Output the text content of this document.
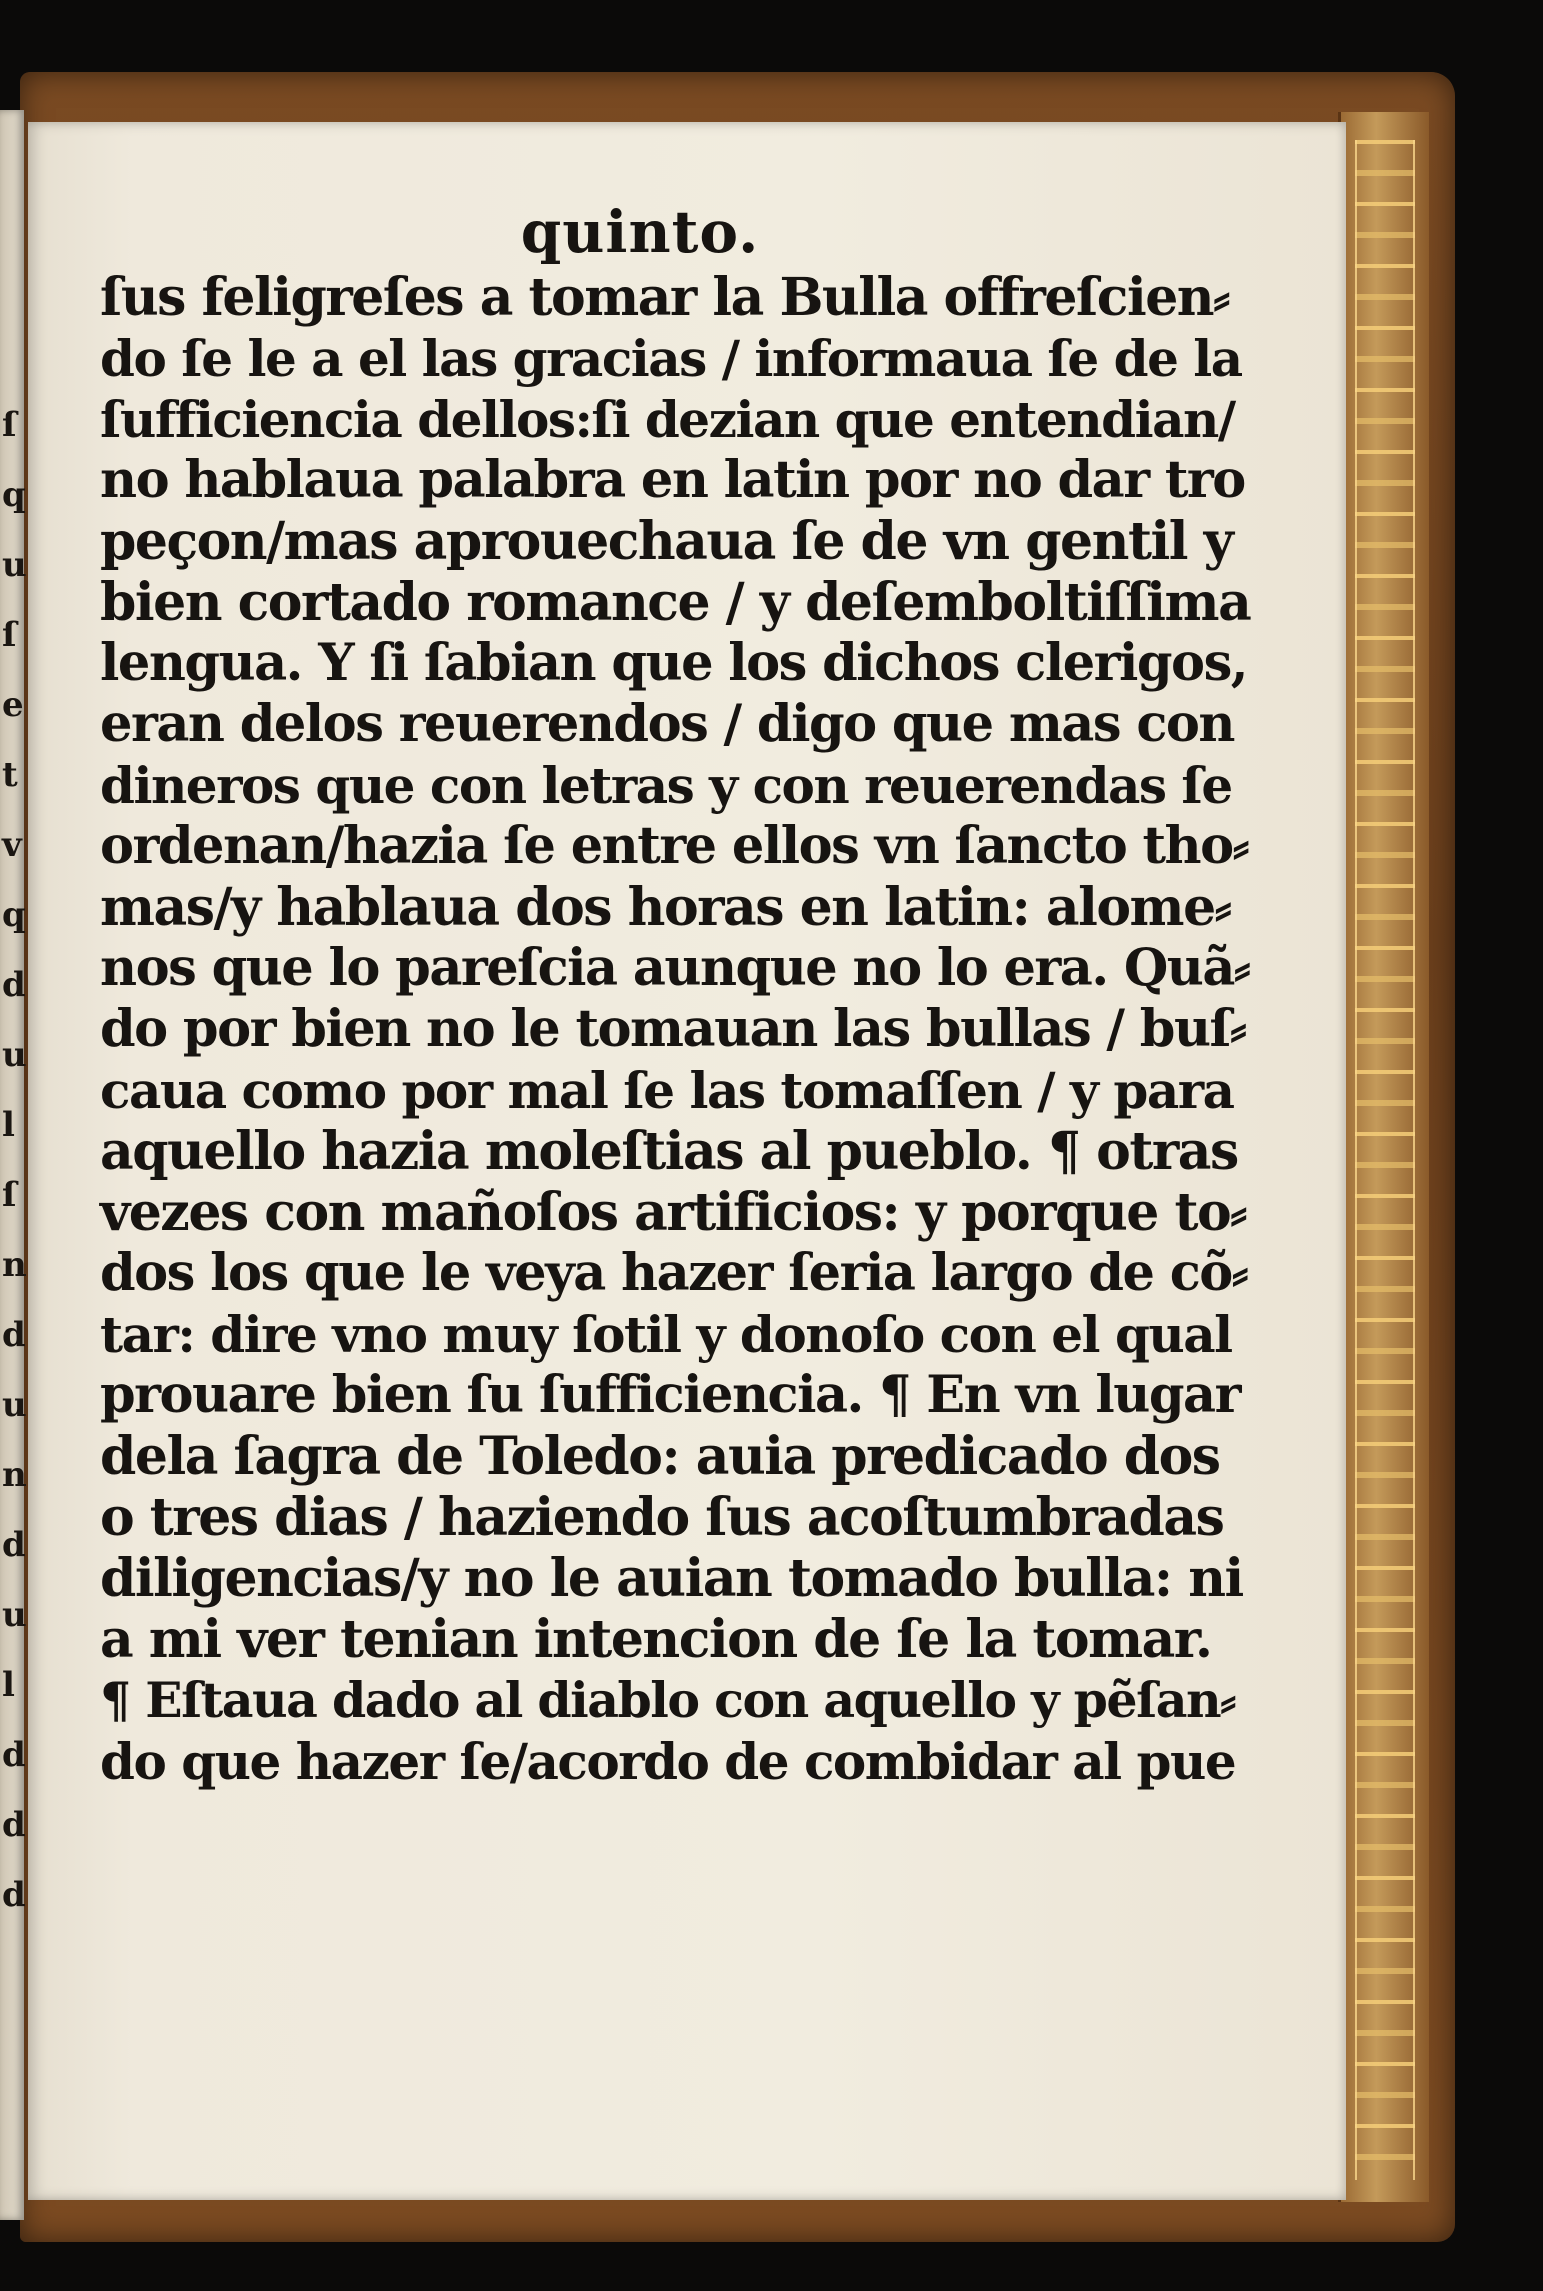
ſ
q
u
ſ
e
t
v
q
d
u
l
ſ
n
d
u
n
d
u
l
d
d
d
quinto.
ſus feligreſes a tomar la Bulla offreſcien⸗
do ſe le a el las gracias / informaua ſe de la
ſufficiencia dellos:ſi dezian que entendian/
no hablaua palabra en latin por no dar tro
peçon/mas aprouechaua ſe de vn gentil y
bien cortado romance / y deſemboltiſſima
lengua. Y ſi ſabian que los dichos clerigos,
eran delos reuerendos / digo que mas con
dineros que con letras y con reuerendas ſe
ordenan/hazia ſe entre ellos vn ſancto tho⸗
mas/y hablaua dos horas en latin: alome⸗
nos que lo pareſcia aunque no lo era. Quã⸗
do por bien no le tomauan las bullas / buſ⸗
caua como por mal ſe las tomaſſen / y para
aquello hazia moleſtias al pueblo. ¶ otras
vezes con mañoſos artificios: y porque to⸗
dos los que le veya hazer ſeria largo de cõ⸗
tar: dire vno muy ſotil y donoſo con el qual
prouare bien ſu ſufficiencia. ¶ En vn lugar
dela ſagra de Toledo: auia predicado dos
o tres dias / haziendo ſus acoſtumbradas
diligencias/y no le auian tomado bulla: ni
a mi ver tenian intencion de ſe la tomar.
¶ Eſtaua dado al diablo con aquello y pẽſan⸗
do que hazer ſe/acordo de combidar al pue
